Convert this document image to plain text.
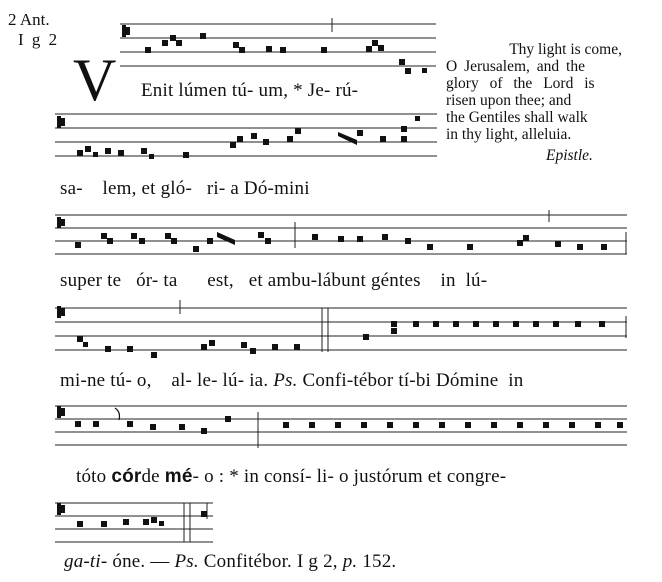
2 Ant.
I g 2
V	Thy light is come,
O Jerusalem, and the
glory of the Lord is
risen upon thee; and
the Gentiles shall walk
in thy light, alleluia.
Epistle.
Enit lúmen tú- um, * Je- rú-
sa-    lem, et gló-   ri- a Dó-mini
super te   ór- ta      est,   et ambu-lábunt géntes    in  lú-
mi-ne tú- o,    al- le- lú- ia. Ps. Confi-tébor tí-bi Dómine  in
tóto córde mé- o : * in consí- li- o justórum et congre-
ga-ti- óne. — Ps. Confitébor. I g 2, p. 152.
